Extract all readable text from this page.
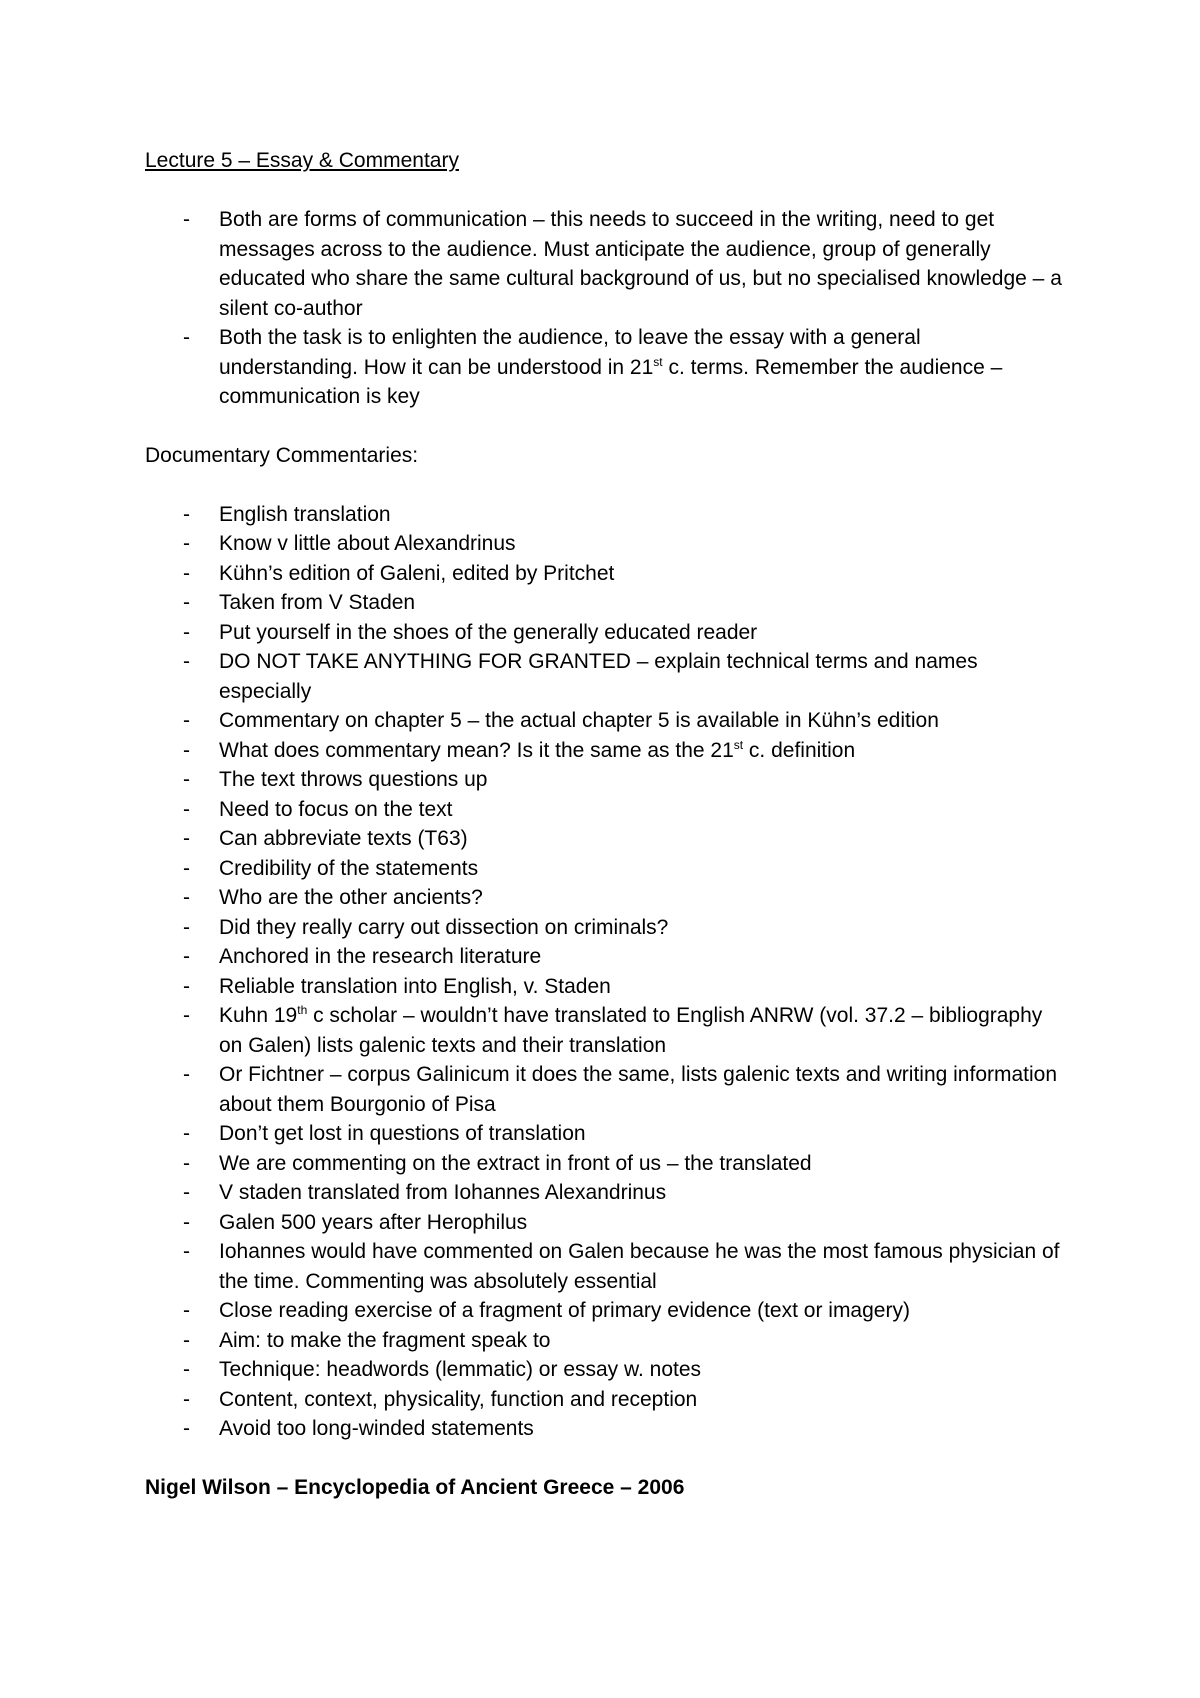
Lecture 5 – Essay & Commentary

-	Both are forms of communication – this needs to succeed in the writing, need to get messages across to the audience. Must anticipate the audience, group of generally educated who share the same cultural background of us, but no specialised knowledge – a silent co-author
-	Both the task is to enlighten the audience, to leave the essay with a general understanding. How it can be understood in 21st c. terms. Remember the audience – communication is key

Documentary Commentaries:

-	English translation
-	Know v little about Alexandrinus
-	Kühn’s edition of Galeni, edited by Pritchet
-	Taken from V Staden
-	Put yourself in the shoes of the generally educated reader
-	DO NOT TAKE ANYTHING FOR GRANTED – explain technical terms and names especially
-	Commentary on chapter 5 – the actual chapter 5 is available in Kühn’s edition
-	What does commentary mean? Is it the same as the 21st c. definition
-	The text throws questions up
-	Need to focus on the text
-	Can abbreviate texts (T63)
-	Credibility of the statements
-	Who are the other ancients?
-	Did they really carry out dissection on criminals?
-	Anchored in the research literature
-	Reliable translation into English, v. Staden
-	Kuhn 19th c scholar – wouldn’t have translated to English ANRW (vol. 37.2 – bibliography on Galen) lists galenic texts and their translation
-	Or Fichtner – corpus Galinicum it does the same, lists galenic texts and writing information about them Bourgonio of Pisa
-	Don’t get lost in questions of translation
-	We are commenting on the extract in front of us – the translated
-	V staden translated from Iohannes Alexandrinus
-	Galen 500 years after Herophilus
-	Iohannes would have commented on Galen because he was the most famous physician of the time. Commenting was absolutely essential
-	Close reading exercise of a fragment of primary evidence (text or imagery)
-	Aim: to make the fragment speak to
-	Technique: headwords (lemmatic) or essay w. notes
-	Content, context, physicality, function and reception
-	Avoid too long-winded statements

Nigel Wilson – Encyclopedia of Ancient Greece – 2006
